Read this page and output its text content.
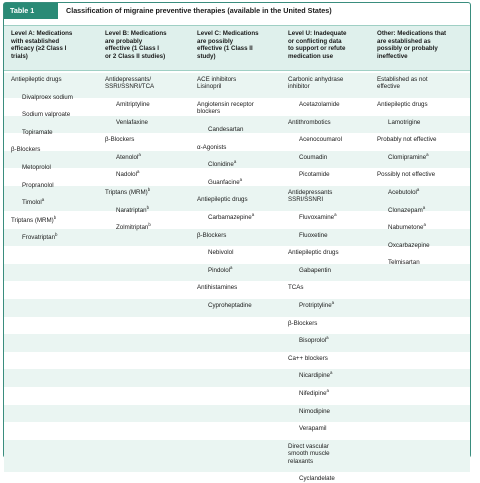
Table 1	Classification of migraine preventive therapies (available in the United States)
Level A: Medications
with established
efficacy (≥2 Class I
trials)
Level B: Medications
are probably
effective (1 Class I
or 2 Class II studies)
Level C: Medications
are possibly
effective (1 Class II
study)
Level U: Inadequate
or conflicting data
to support or refute
medication use
Other: Medications that
are established as
possibly or probably
ineffective
Antiepileptic drugs
Divalproex sodium
Sodium valproate
Topiramate
β-Blockers
Metoprolol
Propranolol
Timolol$^a$
Triptans (MRM)$^b$
Frovatriptan$^b$
Antidepressants/
SSRI/SSNRI/TCA
Amitriptyline
Venlafaxine
β-Blockers
Atenolol$^a$
Nadolol$^a$
Triptans (MRM)$^b$
Naratriptan$^b$
Zolmitriptan$^b$
ACE inhibitors
Lisinopril
Angiotensin receptor
blockers
Candesartan
α-Agonists
Clonidine$^a$
Guanfacine$^a$
Antiepileptic drugs
Carbamazepine$^a$
β-Blockers
Nebivolol
Pindolol$^a$
Antihistamines
Cyproheptadine
Carbonic anhydrase
inhibitor
Acetazolamide
Antithrombotics
Acenocoumarol
Coumadin
Picotamide
Antidepressants
SSRI/SSNRI
Fluvoxamine$^a$
Fluoxetine
Antiepileptic drugs
Gabapentin
TCAs
Protriptyline$^a$
β-Blockers
Bisoprolol$^a$
Ca++ blockers
Nicardipine$^a$
Nifedipine$^a$
Nimodipine
Verapamil
Direct vascular
smooth muscle
relaxants
Cyclandelate
Established as not
effective
Antiepileptic drugs
Lamotrigine
Probably not effective
Clomipramine$^a$
Possibly not effective
Acebutolol$^a$
Clonazepam$^a$
Nabumetone$^a$
Oxcarbazepine
Telmisartan
